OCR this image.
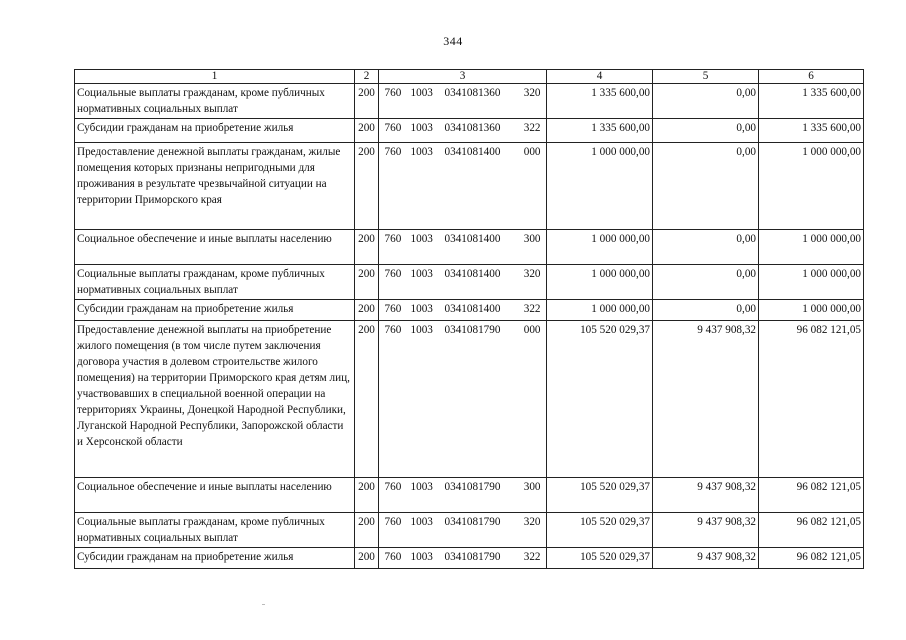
344
1	2	3	4	5	6
Социальные выплаты гражданам, кроме публичных нормативных социальных выплат	200	760 1003 0341081360 320	1 335 600,00	0,00	1 335 600,00
Субсидии гражданам на приобретение жилья	200	760 1003 0341081360 322	1 335 600,00	0,00	1 335 600,00
Предоставление денежной выплаты гражданам, жилые помещения которых признаны непригодными для проживания в результате чрезвычайной ситуации на территории Приморского края	200	760 1003 0341081400 000	1 000 000,00	0,00	1 000 000,00
Социальное обеспечение и иные выплаты населению	200	760 1003 0341081400 300	1 000 000,00	0,00	1 000 000,00
Социальные выплаты гражданам, кроме публичных нормативных социальных выплат	200	760 1003 0341081400 320	1 000 000,00	0,00	1 000 000,00
Субсидии гражданам на приобретение жилья	200	760 1003 0341081400 322	1 000 000,00	0,00	1 000 000,00
Предоставление денежной выплаты на приобретение жилого помещения (в том числе путем заключения договора участия в долевом строительстве жилого помещения) на территории Приморского края детям лиц, участвовавших в специальной военной операции на территориях Украины, Донецкой Народной Республики, Луганской Народной Республики, Запорожской области и Херсонской области	200	760 1003 0341081790 000	105 520 029,37	9 437 908,32	96 082 121,05
Социальное обеспечение и иные выплаты населению	200	760 1003 0341081790 300	105 520 029,37	9 437 908,32	96 082 121,05
Социальные выплаты гражданам, кроме публичных нормативных социальных выплат	200	760 1003 0341081790 320	105 520 029,37	9 437 908,32	96 082 121,05
Субсидии гражданам на приобретение жилья	200	760 1003 0341081790 322	105 520 029,37	9 437 908,32	96 082 121,05
